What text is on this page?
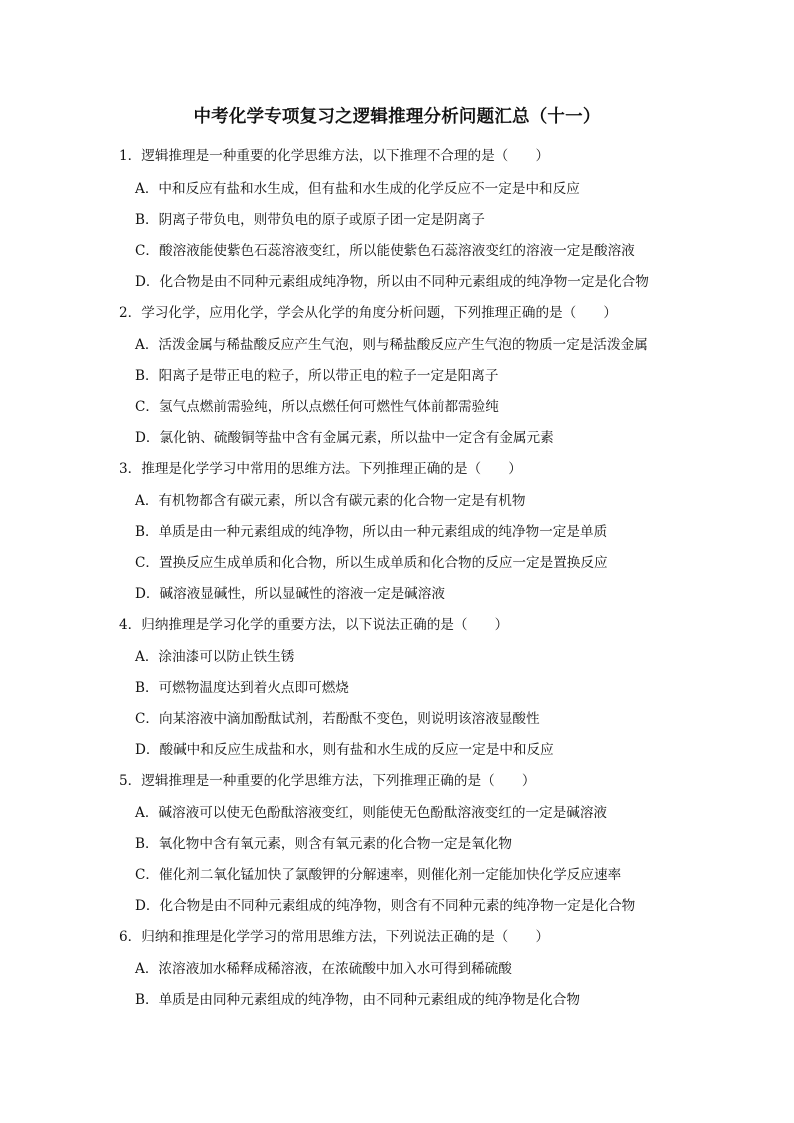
中考化学专项复习之逻辑推理分析问题汇总（十一）
1．逻辑推理是一种重要的化学思维方法，以下推理不合理的是（　　）
A．中和反应有盐和水生成，但有盐和水生成的化学反应不一定是中和反应
B．阴离子带负电，则带负电的原子或原子团一定是阴离子
C．酸溶液能使紫色石蕊溶液变红，所以能使紫色石蕊溶液变红的溶液一定是酸溶液
D．化合物是由不同种元素组成纯净物，所以由不同种元素组成的纯净物一定是化合物
2．学习化学，应用化学，学会从化学的角度分析问题，下列推理正确的是（　　）
A．活泼金属与稀盐酸反应产生气泡，则与稀盐酸反应产生气泡的物质一定是活泼金属
B．阳离子是带正电的粒子，所以带正电的粒子一定是阳离子
C．氢气点燃前需验纯，所以点燃任何可燃性气体前都需验纯
D．氯化钠、硫酸铜等盐中含有金属元素，所以盐中一定含有金属元素
3．推理是化学学习中常用的思维方法。下列推理正确的是（　　）
A．有机物都含有碳元素，所以含有碳元素的化合物一定是有机物
B．单质是由一种元素组成的纯净物，所以由一种元素组成的纯净物一定是单质
C．置换反应生成单质和化合物，所以生成单质和化合物的反应一定是置换反应
D．碱溶液显碱性，所以显碱性的溶液一定是碱溶液
4．归纳推理是学习化学的重要方法，以下说法正确的是（　　）
A．涂油漆可以防止铁生锈
B．可燃物温度达到着火点即可燃烧
C．向某溶液中滴加酚酞试剂，若酚酞不变色，则说明该溶液显酸性
D．酸碱中和反应生成盐和水，则有盐和水生成的反应一定是中和反应
5．逻辑推理是一种重要的化学思维方法，下列推理正确的是（　　）
A．碱溶液可以使无色酚酞溶液变红，则能使无色酚酞溶液变红的一定是碱溶液
B．氧化物中含有氧元素，则含有氧元素的化合物一定是氧化物
C．催化剂二氧化锰加快了氯酸钾的分解速率，则催化剂一定能加快化学反应速率
D．化合物是由不同种元素组成的纯净物，则含有不同种元素的纯净物一定是化合物
6．归纳和推理是化学学习的常用思维方法，下列说法正确的是（　　）
A．浓溶液加水稀释成稀溶液，在浓硫酸中加入水可得到稀硫酸
B．单质是由同种元素组成的纯净物，由不同种元素组成的纯净物是化合物
